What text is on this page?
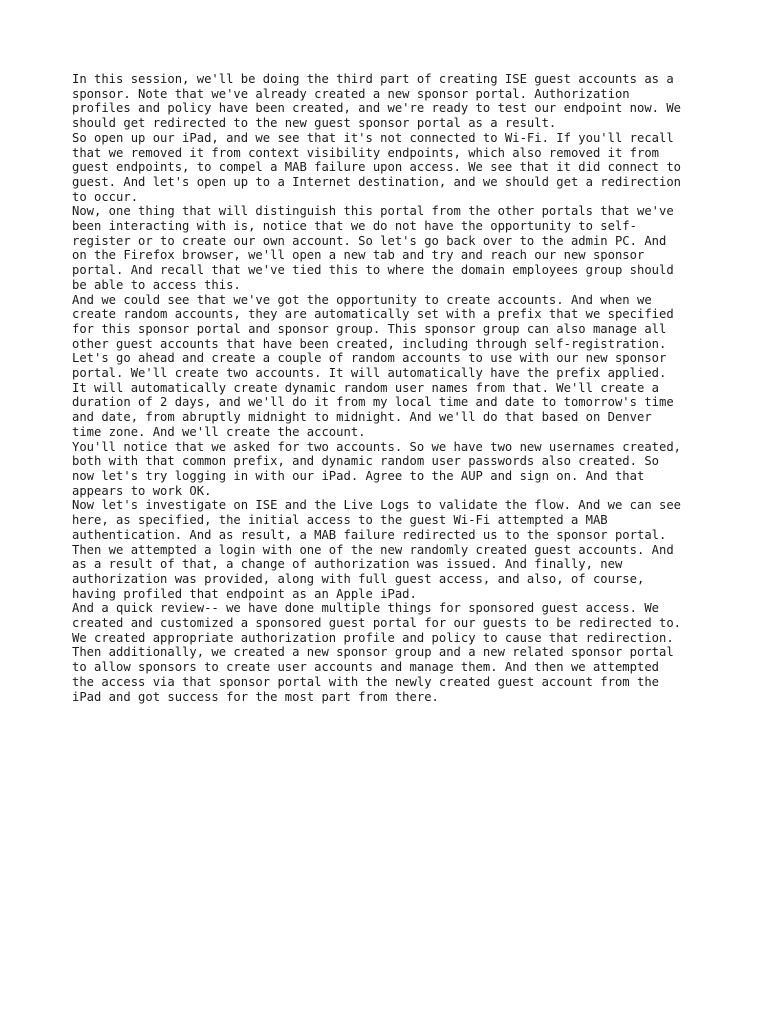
In this session, we'll be doing the third part of creating ISE guest accounts as a
sponsor. Note that we've already created a new sponsor portal. Authorization
profiles and policy have been created, and we're ready to test our endpoint now. We
should get redirected to the new guest sponsor portal as a result.

So open up our iPad, and we see that it's not connected to Wi-Fi. If you'll recall
that we removed it from context visibility endpoints, which also removed it from
guest endpoints, to compel a MAB failure upon access. We see that it did connect to
guest. And let's open up to a Internet destination, and we should get a redirection
to occur.

Now, one thing that will distinguish this portal from the other portals that we've
been interacting with is, notice that we do not have the opportunity to self-
register or to create our own account. So let's go back over to the admin PC. And
on the Firefox browser, we'll open a new tab and try and reach our new sponsor
portal. And recall that we've tied this to where the domain employees group should
be able to access this.

And we could see that we've got the opportunity to create accounts. And when we
create random accounts, they are automatically set with a prefix that we specified
for this sponsor portal and sponsor group. This sponsor group can also manage all
other guest accounts that have been created, including through self-registration.
Let's go ahead and create a couple of random accounts to use with our new sponsor
portal. We'll create two accounts. It will automatically have the prefix applied.
It will automatically create dynamic random user names from that. We'll create a
duration of 2 days, and we'll do it from my local time and date to tomorrow's time
and date, from abruptly midnight to midnight. And we'll do that based on Denver
time zone. And we'll create the account.

You'll notice that we asked for two accounts. So we have two new usernames created,
both with that common prefix, and dynamic random user passwords also created. So
now let's try logging in with our iPad. Agree to the AUP and sign on. And that
appears to work OK.

Now let's investigate on ISE and the Live Logs to validate the flow. And we can see
here, as specified, the initial access to the guest Wi-Fi attempted a MAB
authentication. And as result, a MAB failure redirected us to the sponsor portal.
Then we attempted a login with one of the new randomly created guest accounts. And
as a result of that, a change of authorization was issued. And finally, new
authorization was provided, along with full guest access, and also, of course,
having profiled that endpoint as an Apple iPad.

And a quick review-- we have done multiple things for sponsored guest access. We
created and customized a sponsored guest portal for our guests to be redirected to.
We created appropriate authorization profile and policy to cause that redirection.
Then additionally, we created a new sponsor group and a new related sponsor portal
to allow sponsors to create user accounts and manage them. And then we attempted
the access via that sponsor portal with the newly created guest account from the
iPad and got success for the most part from there.
